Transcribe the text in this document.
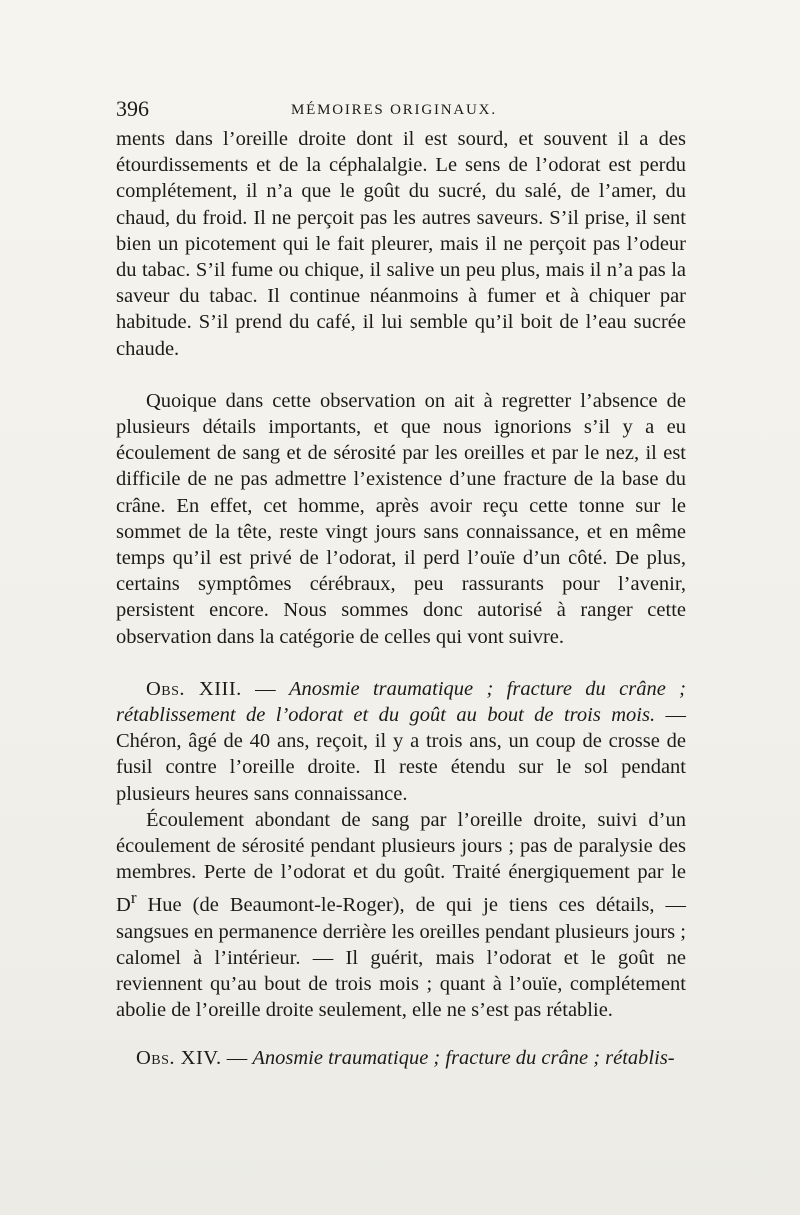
396	MÉMOIRES ORIGINAUX.

ments dans l’oreille droite dont il est sourd, et souvent il a des étourdissements et de la céphalalgie. Le sens de l’odorat est perdu complétement, il n’a que le goût du sucré, du salé, de l’amer, du chaud, du froid. Il ne perçoit pas les autres saveurs. S’il prise, il sent bien un picotement qui le fait pleurer, mais il ne perçoit pas l’odeur du tabac. S’il fume ou chique, il salive un peu plus, mais il n’a pas la saveur du tabac. Il continue néanmoins à fumer et à chiquer par habitude. S’il prend du café, il lui semble qu’il boit de l’eau sucrée chaude.

Quoique dans cette observation on ait à regretter l’absence de plusieurs détails importants, et que nous ignorions s’il y a eu écoulement de sang et de sérosité par les oreilles et par le nez, il est difficile de ne pas admettre l’existence d’une fracture de la base du crâne. En effet, cet homme, après avoir reçu cette tonne sur le sommet de la tête, reste vingt jours sans connaissance, et en même temps qu’il est privé de l’odorat, il perd l’ouïe d’un côté. De plus, certains symptômes cérébraux, peu rassurants pour l’avenir, persistent encore. Nous sommes donc autorisé à ranger cette observation dans la catégorie de celles qui vont suivre.

Obs. XIII. — Anosmie traumatique ; fracture du crâne ; rétablissement de l’odorat et du goût au bout de trois mois. — Chéron, âgé de 40 ans, reçoit, il y a trois ans, un coup de crosse de fusil contre l’oreille droite. Il reste étendu sur le sol pendant plusieurs heures sans connaissance.

Écoulement abondant de sang par l’oreille droite, suivi d’un écoulement de sérosité pendant plusieurs jours ; pas de paralysie des membres. Perte de l’odorat et du goût. Traité énergiquement par le $D^r$ Hue (de Beaumont-le-Roger), de qui je tiens ces détails, — sangsues en permanence derrière les oreilles pendant plusieurs jours ; calomel à l’intérieur. — Il guérit, mais l’odorat et le goût ne reviennent qu’au bout de trois mois ; quant à l’ouïe, complétement abolie de l’oreille droite seulement, elle ne s’est pas rétablie.

Obs. XIV. — Anosmie traumatique ; fracture du crâne ; rétablis-
